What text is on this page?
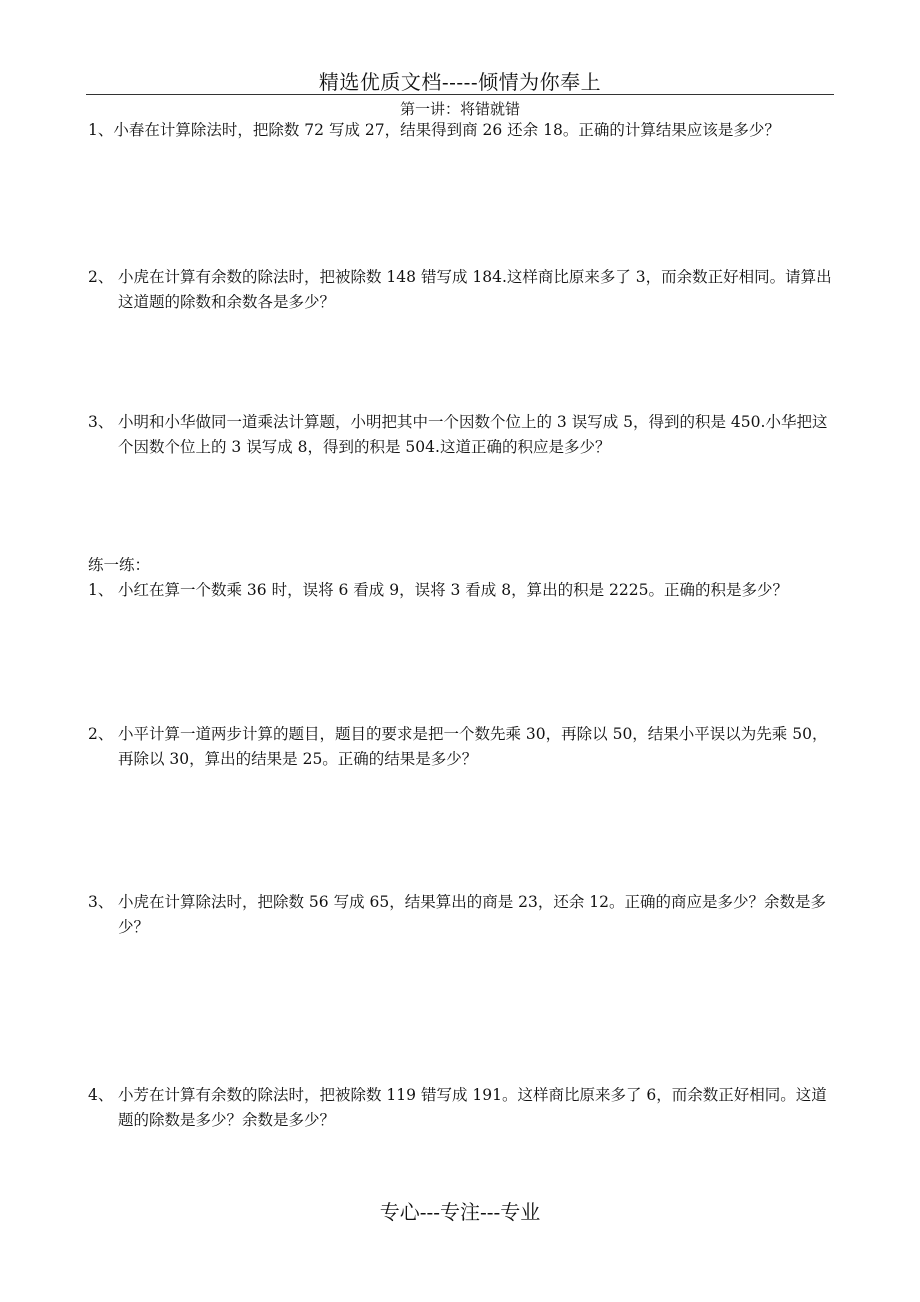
精选优质文档-----倾情为你奉上
第一讲：将错就错
1、小春在计算除法时，把除数 72 写成 27，结果得到商 26 还余 18。正确的计算结果应该是多少？
2、 小虎在计算有余数的除法时，把被除数 148 错写成 184.这样商比原来多了 3，而余数正好相同。请算出这道题的除数和余数各是多少？
3、 小明和小华做同一道乘法计算题，小明把其中一个因数个位上的 3 误写成 5，得到的积是 450.小华把这个因数个位上的 3 误写成 8，得到的积是 504.这道正确的积应是多少？
练一练：
1、 小红在算一个数乘 36 时，误将 6 看成 9，误将 3 看成 8，算出的积是 2225。正确的积是多少？
2、 小平计算一道两步计算的题目，题目的要求是把一个数先乘 30，再除以 50，结果小平误以为先乘 50，再除以 30，算出的结果是 25。正确的结果是多少？
3、 小虎在计算除法时，把除数 56 写成 65，结果算出的商是 23，还余 12。正确的商应是多少？余数是多少？
4、 小芳在计算有余数的除法时，把被除数 119 错写成 191。这样商比原来多了 6，而余数正好相同。这道题的除数是多少？余数是多少？
专心---专注---专业
